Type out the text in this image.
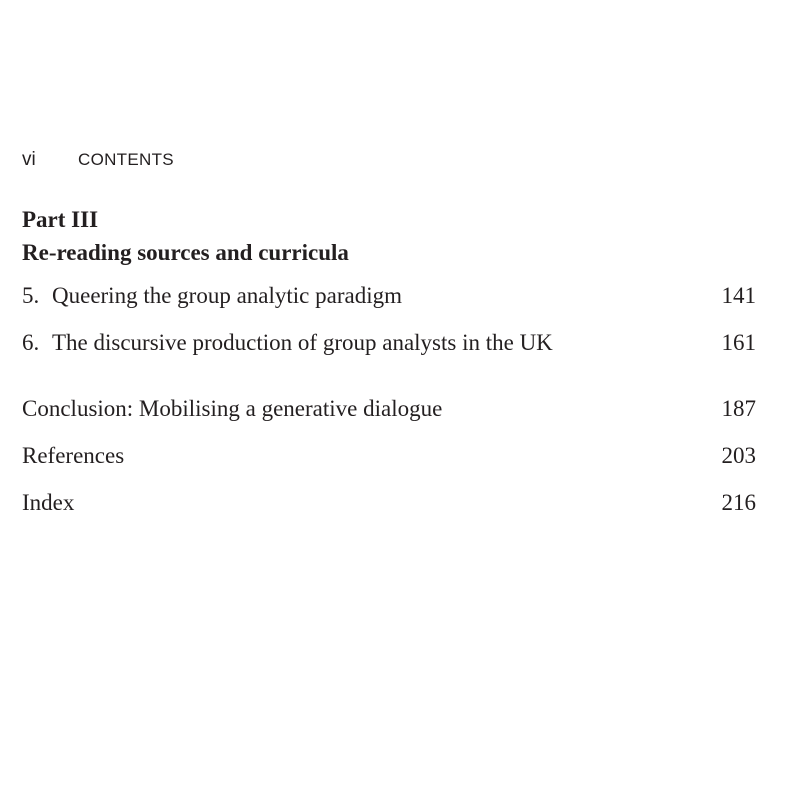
vi	CONTENTS
Part III
Re-reading sources and curricula
5. Queering the group analytic paradigm	141
6. The discursive production of group analysts in the UK	161
Conclusion: Mobilising a generative dialogue	187
References	203
Index	216
